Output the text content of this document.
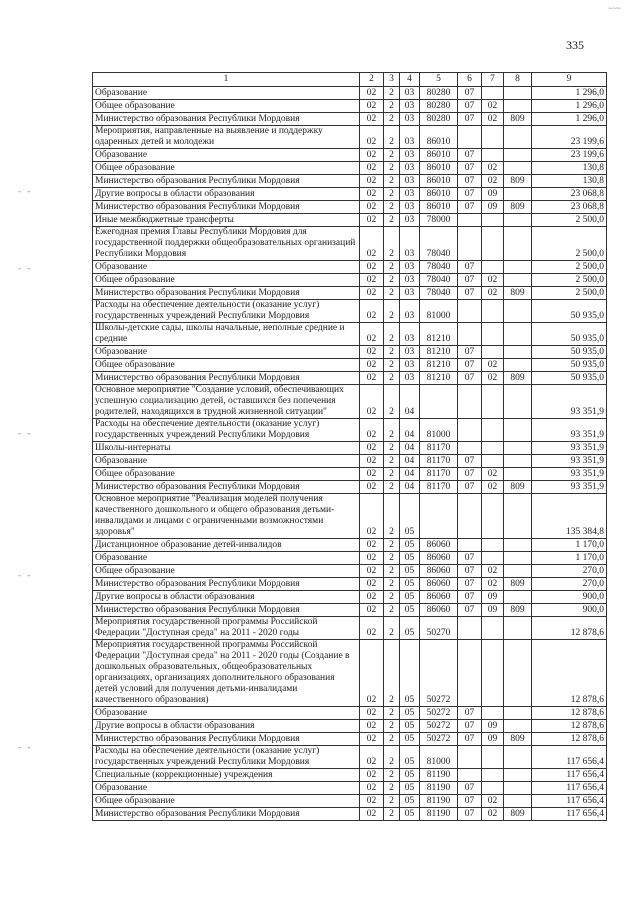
~~~
335
- -
- -
- -
- -
- -
1	2	3	4	5	6	7	8	9
Образование	02	2	03	80280	07			1 296,0
Общее образование	02	2	03	80280	07	02		1 296,0
Министерство образования Республики Мордовия	02	2	03	80280	07	02	809	1 296,0
Мероприятия, направленные на выявление и поддержку одаренных детей и молодежи	02	2	03	86010				23 199,6
Образование	02	2	03	86010	07			23 199,6
Общее образование	02	2	03	86010	07	02		130,8
Министерство образования Республики Мордовия	02	2	03	86010	07	02	809	130,8
Другие вопросы в области образования	02	2	03	86010	07	09		23 068,8
Министерство образования Республики Мордовия	02	2	03	86010	07	09	809	23 068,8
Иные межбюджетные трансферты	02	2	03	78000				2 500,0
Ежегодная премия Главы Республики Мордовия для государственной поддержки общеобразовательных организаций Республики Мордовия	02	2	03	78040				2 500,0
Образование	02	2	03	78040	07			2 500,0
Общее образование	02	2	03	78040	07	02		2 500,0
Министерство образования Республики Мордовия	02	2	03	78040	07	02	809	2 500,0
Расходы на обеспечение деятельности (оказание услуг) государственных учреждений Республики Мордовия	02	2	03	81000				50 935,0
Школы-детские сады, школы начальные, неполные средние и средние	02	2	03	81210				50 935,0
Образование	02	2	03	81210	07			50 935,0
Общее образование	02	2	03	81210	07	02		50 935,0
Министерство образования Республики Мордовия	02	2	03	81210	07	02	809	50 935,0
Основное мероприятие "Создание условий, обеспечивающих успешную социализацию детей, оставшихся без попечения родителей, находящихся в трудной жизненной ситуации"	02	2	04					93 351,9
Расходы на обеспечение деятельности (оказание услуг) государственных учреждений Республики Мордовия	02	2	04	81000				93 351,9
Школы-интернаты	02	2	04	81170				93 351,9
Образование	02	2	04	81170	07			93 351,9
Общее образование	02	2	04	81170	07	02		93 351,9
Министерство образования Республики Мордовия	02	2	04	81170	07	02	809	93 351,9
Основное мероприятие "Реализация моделей получения качественного дошкольного и общего образования детьми-инвалидами и лицами с ограниченными возможностями здоровья"	02	2	05					135 384,8
Дистанционное образование детей-инвалидов	02	2	05	86060				1 170,0
Образование	02	2	05	86060	07			1 170,0
Общее образование	02	2	05	86060	07	02		270,0
Министерство образования Республики Мордовия	02	2	05	86060	07	02	809	270,0
Другие вопросы в области образования	02	2	05	86060	07	09		900,0
Министерство образования Республики Мордовия	02	2	05	86060	07	09	809	900,0
Мероприятия государственной программы Российской Федерации "Доступная среда" на 2011 - 2020 годы	02	2	05	50270				12 878,6
Мероприятия государственной программы Российской Федерации "Доступная среда" на 2011 - 2020 годы (Создание в дошкольных образовательных, общеобразовательных организациях, организациях дополнительного образования детей условий для получения детьми-инвалидами качественного образования)	02	2	05	50272				12 878,6
Образование	02	2	05	50272	07			12 878,6
Другие вопросы в области образования	02	2	05	50272	07	09		12 878,6
Министерство образования Республики Мордовия	02	2	05	50272	07	09	809	12 878,6
Расходы на обеспечение деятельности (оказание услуг) государственных учреждений Республики Мордовия	02	2	05	81000				117 656,4
Специальные (коррекционные) учреждения	02	2	05	81190				117 656,4
Образование	02	2	05	81190	07			117 656,4
Общее образование	02	2	05	81190	07	02		117 656,4
Министерство образования Республики Мордовия	02	2	05	81190	07	02	809	117 656,4
